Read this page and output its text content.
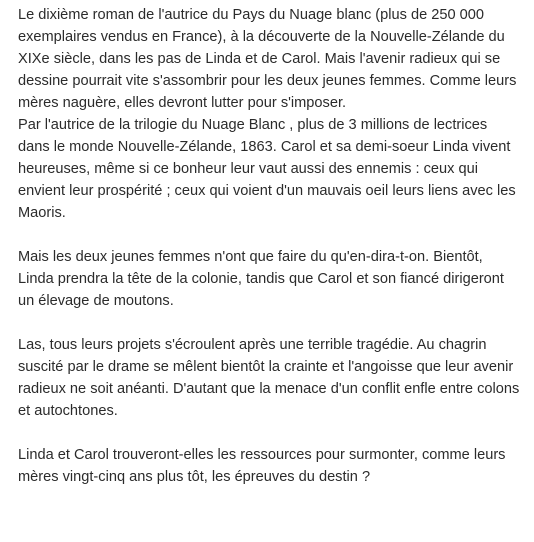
Le dixième roman de l'autrice du Pays du Nuage blanc (plus de 250 000 exemplaires vendus en France), à la découverte de la Nouvelle-Zélande du XIXe siècle, dans les pas de Linda et de Carol. Mais l'avenir radieux qui se dessine pourrait vite s'assombrir pour les deux jeunes femmes. Comme leurs mères naguère, elles devront lutter pour s'imposer.

Par l'autrice de la trilogie du Nuage Blanc , plus de 3 millions de lectrices dans le monde Nouvelle-Zélande, 1863. Carol et sa demi-soeur Linda vivent heureuses, même si ce bonheur leur vaut aussi des ennemis : ceux qui envient leur prospérité ; ceux qui voient d'un mauvais oeil leurs liens avec les Maoris.

Mais les deux jeunes femmes n'ont que faire du qu'en-dira-t-on. Bientôt, Linda prendra la tête de la colonie, tandis que Carol et son fiancé dirigeront un élevage de moutons.

Las, tous leurs projets s'écroulent après une terrible tragédie. Au chagrin suscité par le drame se mêlent bientôt la crainte et l'angoisse que leur avenir radieux ne soit anéanti. D'autant que la menace d'un conflit enfle entre colons et autochtones.

Linda et Carol trouveront-elles les ressources pour surmonter, comme leurs mères vingt-cinq ans plus tôt, les épreuves du destin ?
